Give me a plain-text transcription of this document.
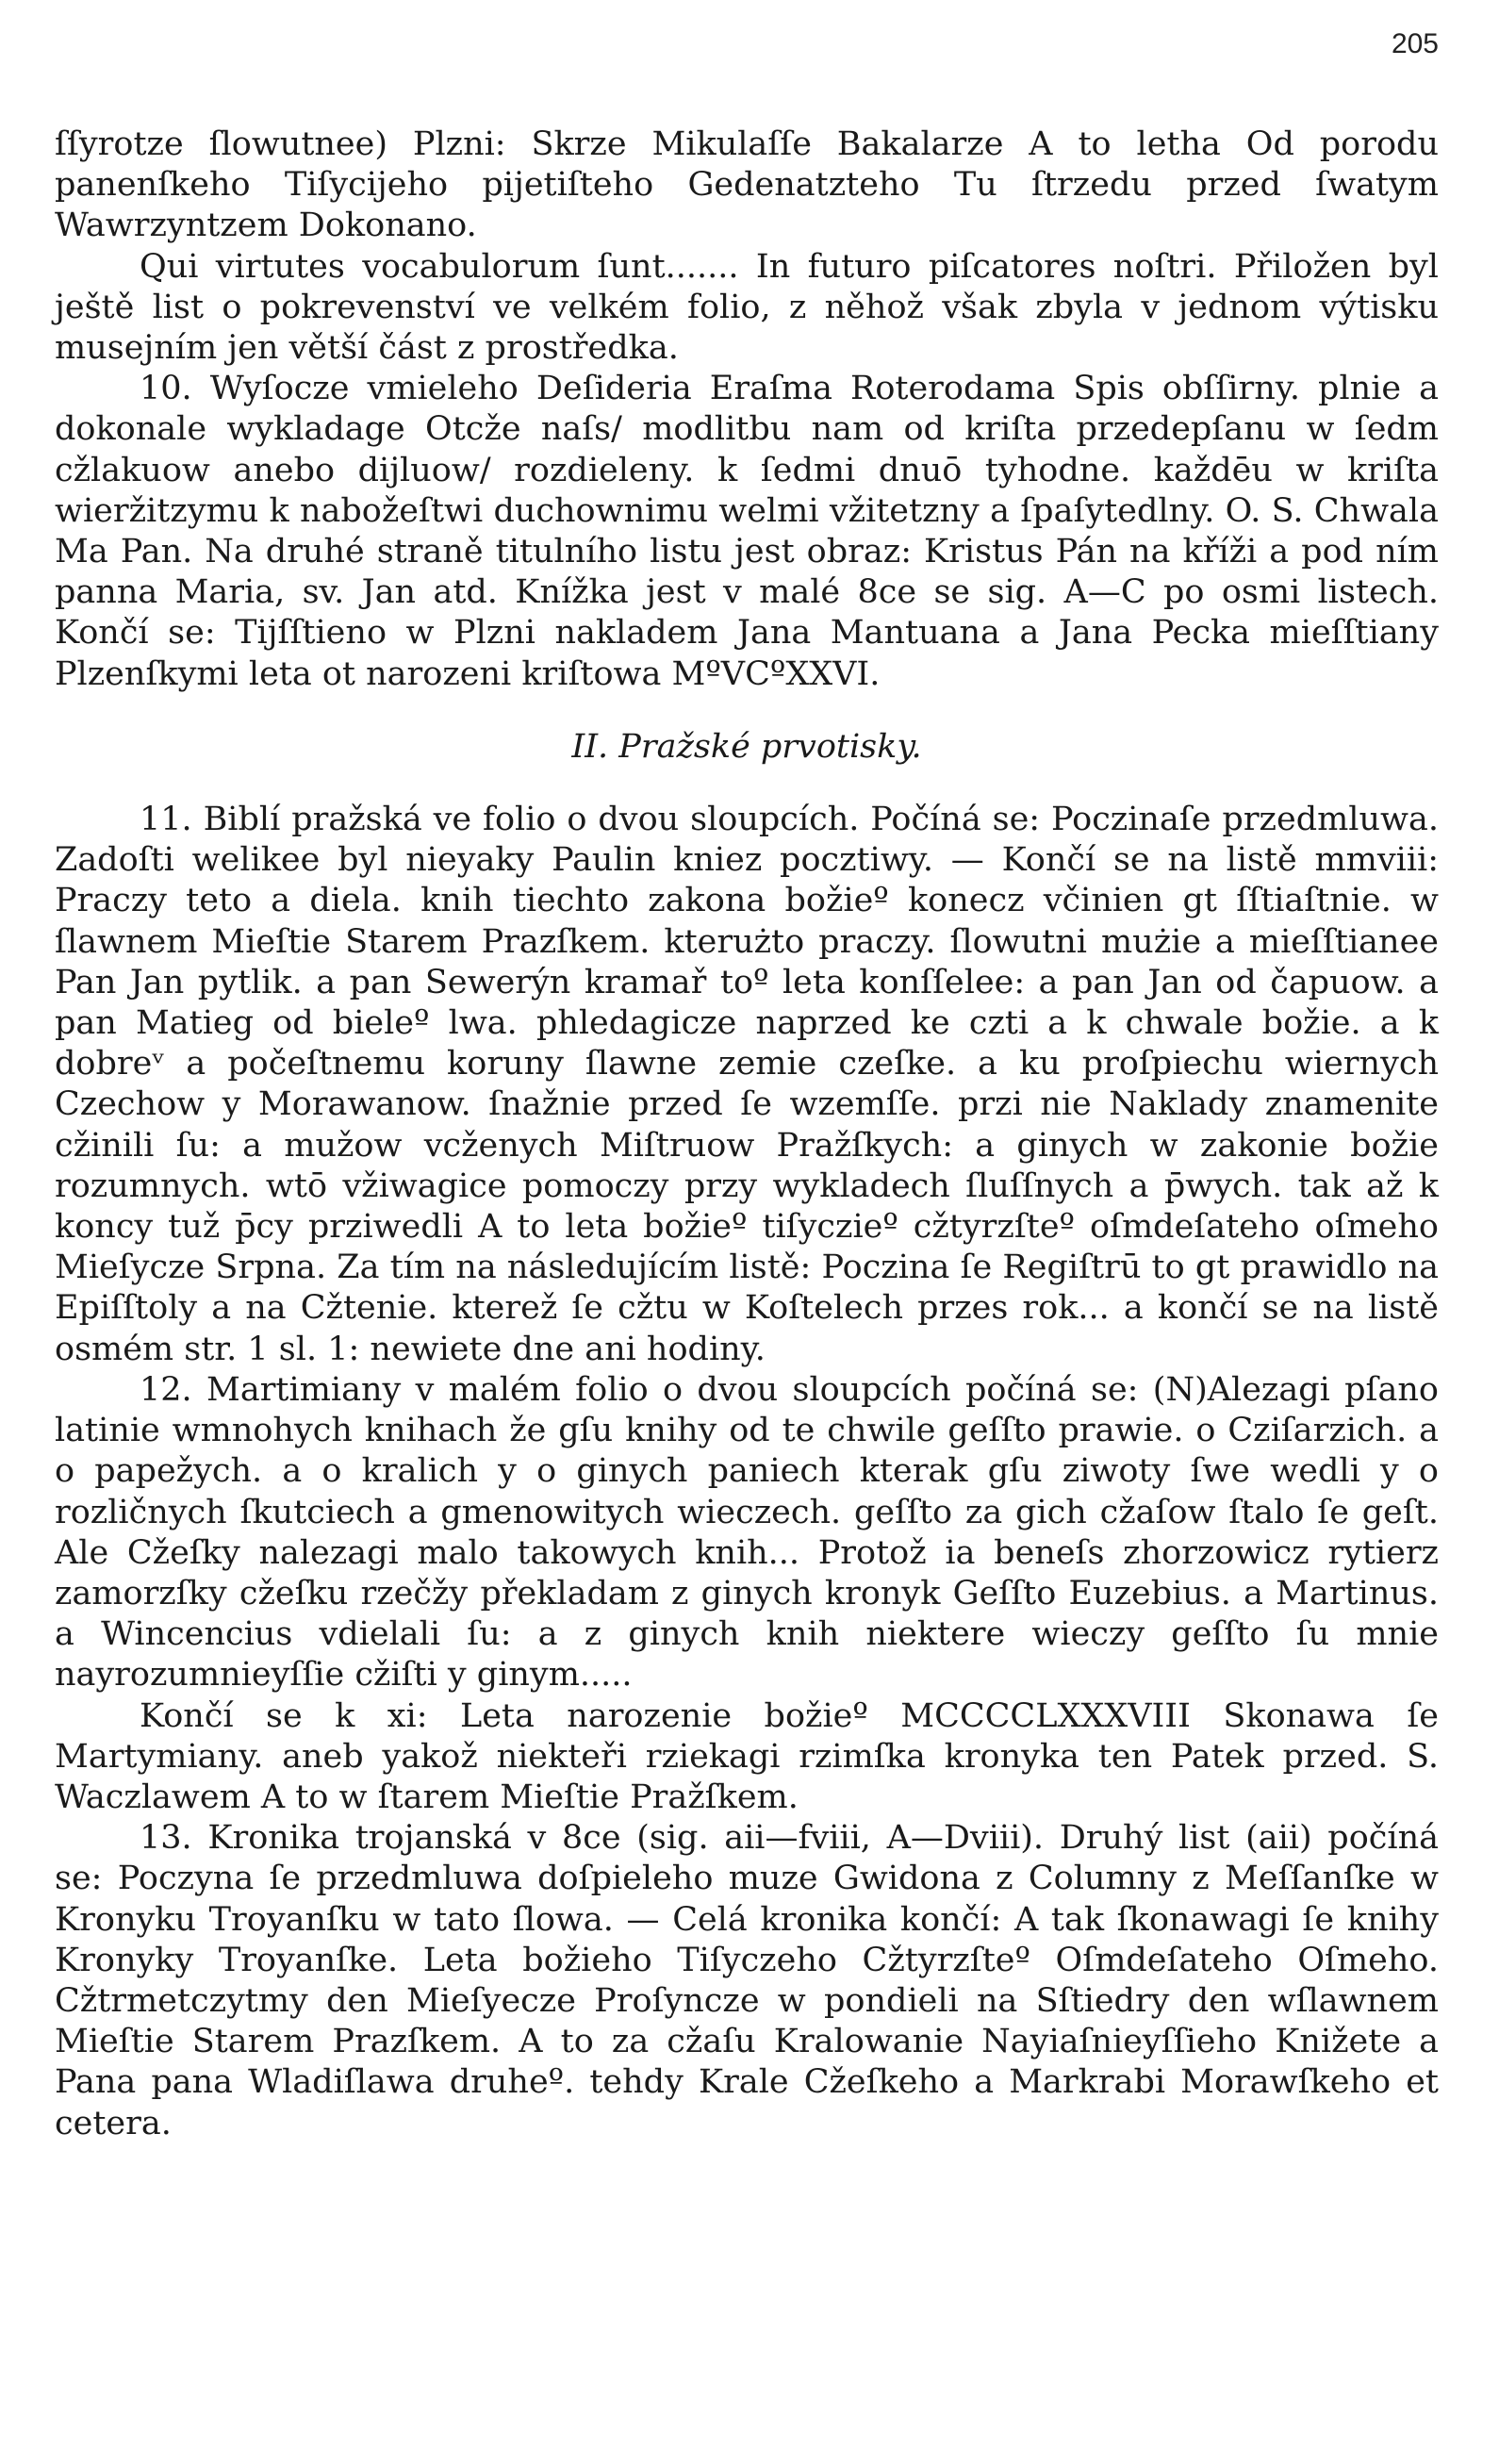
205

ſſyrotze ſlowutnee) Plzni: Skrze Mikulaſſe Bakalarze A to letha Od porodu panenſkeho Tiſycijeho pijetiſteho Gedenatzteho Tu ſtrzedu przed ſwatym Wawrzyntzem Dokonano.

Qui virtutes vocabulorum ſunt....... In futuro piſcatores noſtri. Přiložen byl ještě list o pokrevenství ve velkém folio, z něhož však zbyla v jednom výtisku musejním jen větší část z prostředka.

10. Wyſocze vmieleho Deſideria Eraſma Roterodama Spis obſſirny. plnie a dokonale wykladage Otcže naſs/ modlitbu nam od kriſta przedepſanu w ſedm cžlakuow anebo dijluow/ rozdieleny. k ſedmi dnuō tyhodne. každēu w kriſta wieržitzymu k nabožeſtwi duchownimu welmi vžitetzny a ſpaſytedlny. O. S. Chwala Ma Pan. Na druhé straně titulního listu jest obraz: Kristus Pán na kříži a pod ním panna Maria, sv. Jan atd. Knížka jest v malé 8ce se sig. A—C po osmi listech. Končí se: Tijſſtieno w Plzni nakladem Jana Mantuana a Jana Pecka mieſſtiany Plzenſkymi leta ot narozeni kriſtowa MºVCºXXVI.

II. Pražské prvotisky.

11. Biblí pražská ve folio o dvou sloupcích. Počíná se: Poczinaſe przedmluwa. Zadoſti welikee byl nieyaky Paulin kniez pocztiwy. — Končí se na listě mmviii: Praczy teto a diela. knih tiechto zakona božieº konecz včinien gt ſſtiaſtnie. w ſlawnem Mieſtie Starem Prazſkem. kterużto praczy. ſlowutni mużie a mieſſtianee Pan Jan pytlik. a pan Sewerýn kramař toº leta konſſelee: a pan Jan od čapuow. a pan Matieg od bieleº lwa. phledagicze naprzed ke czti a k chwale božie. a k dobreᵛ a počeſtnemu koruny ſlawne zemie czeſke. a ku proſpiechu wiernych Czechow y Morawanow. ſnažnie przed ſe wzemſſe. przi nie Naklady znamenite cžinili ſu: a mužow vcženych Miſtruow Pražſkych: a ginych w zakonie božie rozumnych. wtō vžiwagice pomoczy przy wykladech ſluſſnych a p̄wych. tak až k koncy tuž p̄cy prziwedli A to leta božieº tiſyczieº cžtyrzſteº oſmdeſateho oſmeho Mieſycze Srpna. Za tím na následujícím listě: Poczina ſe Regiſtrū to gt prawidlo na Epiſſtoly a na Cžtenie. kterež ſe cžtu w Koſtelech przes rok... a končí se na listě osmém str. 1 sl. 1: newiete dne ani hodiny.

12. Martimiany v malém folio o dvou sloupcích počíná se: (N)Alezagi pſano latinie wmnohych knihach že gſu knihy od te chwile geſſto prawie. o Cziſarzich. a o papežych. a o kralich y o ginych paniech kterak gſu ziwoty ſwe wedli y o rozličnych ſkutciech a gmenowitych wieczech. geſſto za gich cžaſow ſtalo ſe geſt. Ale Cžeſky nalezagi malo takowych knih... Protož ia beneſs zhorzowicz rytierz zamorzſky cžeſku rzečžy překladam z ginych kronyk Geſſto Euzebius. a Martinus. a Wincencius vdielali ſu: a z ginych knih niektere wieczy geſſto ſu mnie nayrozumnieyſſie cžiſti y ginym.....

Končí se k xi: Leta narozenie božieº MCCCCLXXXVIII Skonawa ſe Martymiany. aneb yakož niekteři rziekagi rzimſka kronyka ten Patek przed. S. Waczlawem A to w ſtarem Mieſtie Pražſkem.

13. Kronika trojanská v 8ce (sig. aii—fviii, A—Dviii). Druhý list (aii) počíná se: Poczyna ſe przedmluwa doſpieleho muze Gwidona z Columny z Meſſanſke w Kronyku Troyanſku w tato ſlowa. — Celá kronika končí: A tak ſkonawagi ſe knihy Kronyky Troyanſke. Leta božieho Tiſyczeho Cžtyrzſteº Oſmdeſateho Oſmeho. Cžtrmetczytmy den Mieſyecze Proſyncze w pondieli na Sſtiedry den wſlawnem Mieſtie Starem Prazſkem. A to za cžaſu Kralowanie Nayiaſnieyſſieho Knižete a Pana pana Wladiſlawa druheº. tehdy Krale Cžeſkeho a Markrabi Morawſkeho et cetera.
